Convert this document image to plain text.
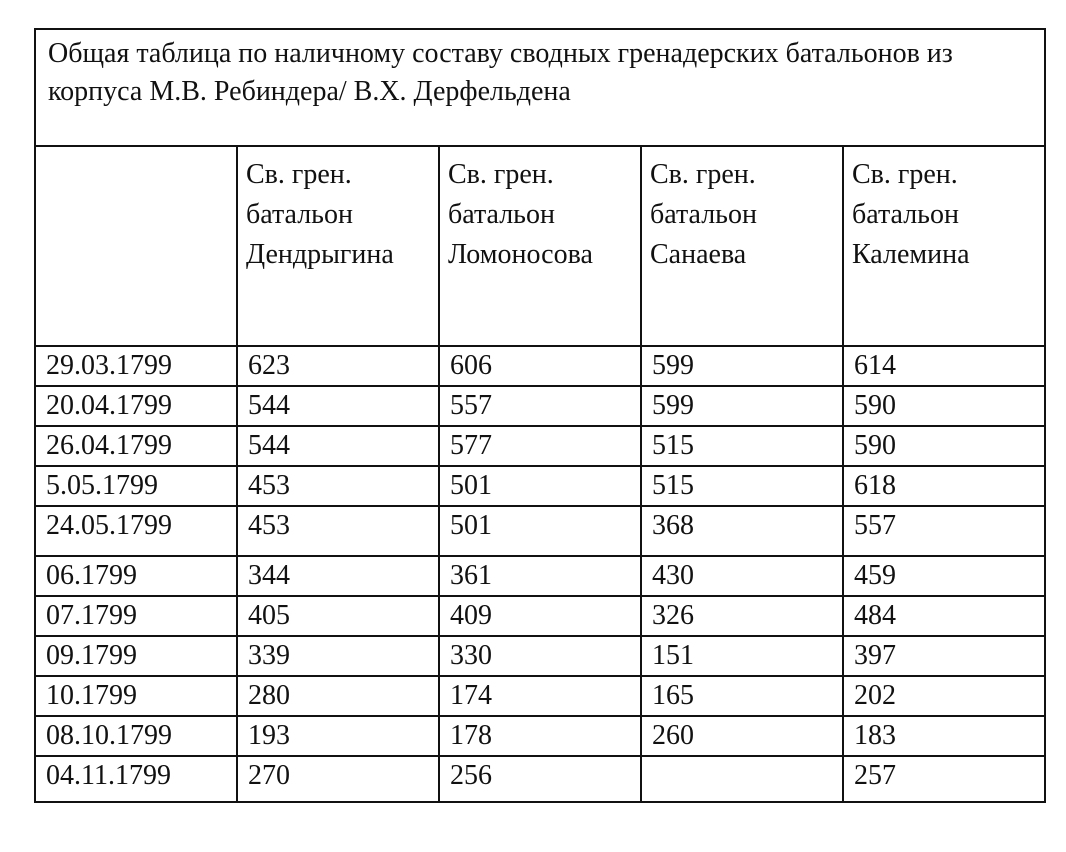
Общая таблица по наличному составу сводных гренадерских батальонов из корпуса М.В. Ребиндера/ В.Х. Дерфельдена				

	Св. грен.
батальон
Дендрыгина	Св. грен.
батальон
Ломоносова	Св. грен.
батальон
Санаева	Св. грен.
батальон
Калемина

29.03.1799	623	606	599	614
20.04.1799	544	557	599	590
26.04.1799	544	577	515	590
5.05.1799	453	501	515	618
24.05.1799	453	501	368	557
06.1799	344	361	430	459
07.1799	405	409	326	484
09.1799	339	330	151	397
10.1799	280	174	165	202
08.10.1799	193	178	260	183
04.11.1799	270	256		257
